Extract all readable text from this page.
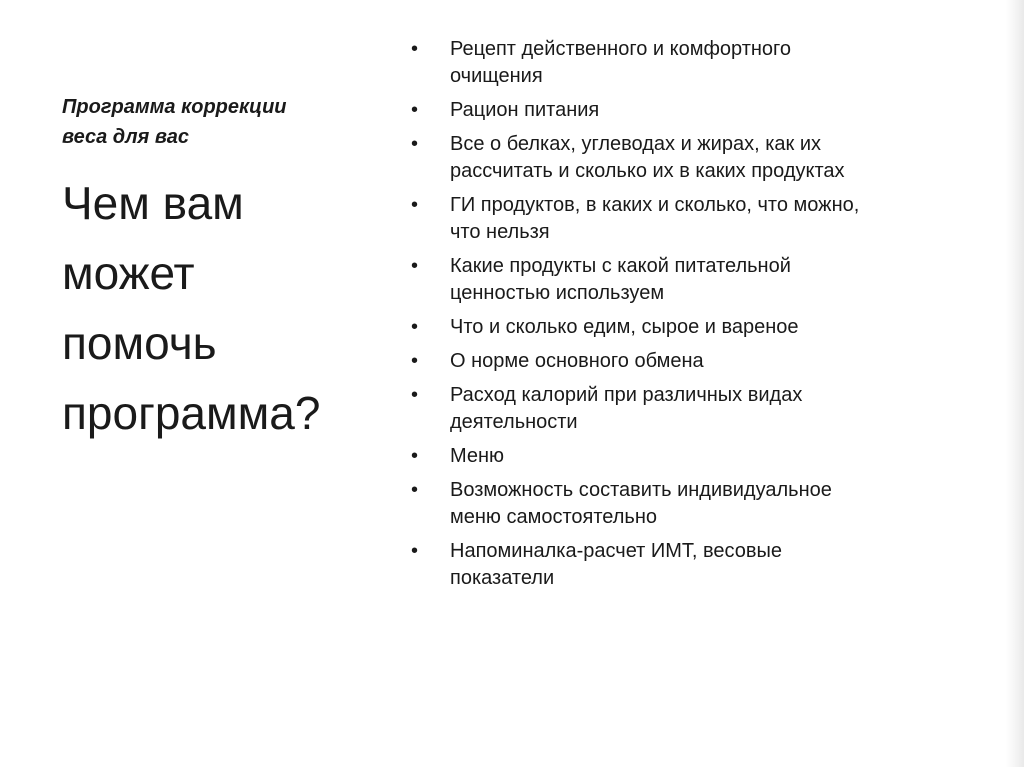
Программа коррекции
веса для вас

Чем вам
может
помочь
программа?
• Рецепт действенного и комфортного
очищения
• Рацион питания
• Все о белках, углеводах и жирах, как их
рассчитать и сколько их в каких продуктах
• ГИ продуктов, в каких и сколько, что можно,
что нельзя
• Какие продукты с какой питательной
ценностью используем
• Что и сколько едим, сырое и вареное
• О норме основного обмена
• Расход калорий при различных видах
деятельности
• Меню
• Возможность составить индивидуальное
меню самостоятельно
• Напоминалка-расчет ИМТ, весовые
показатели
